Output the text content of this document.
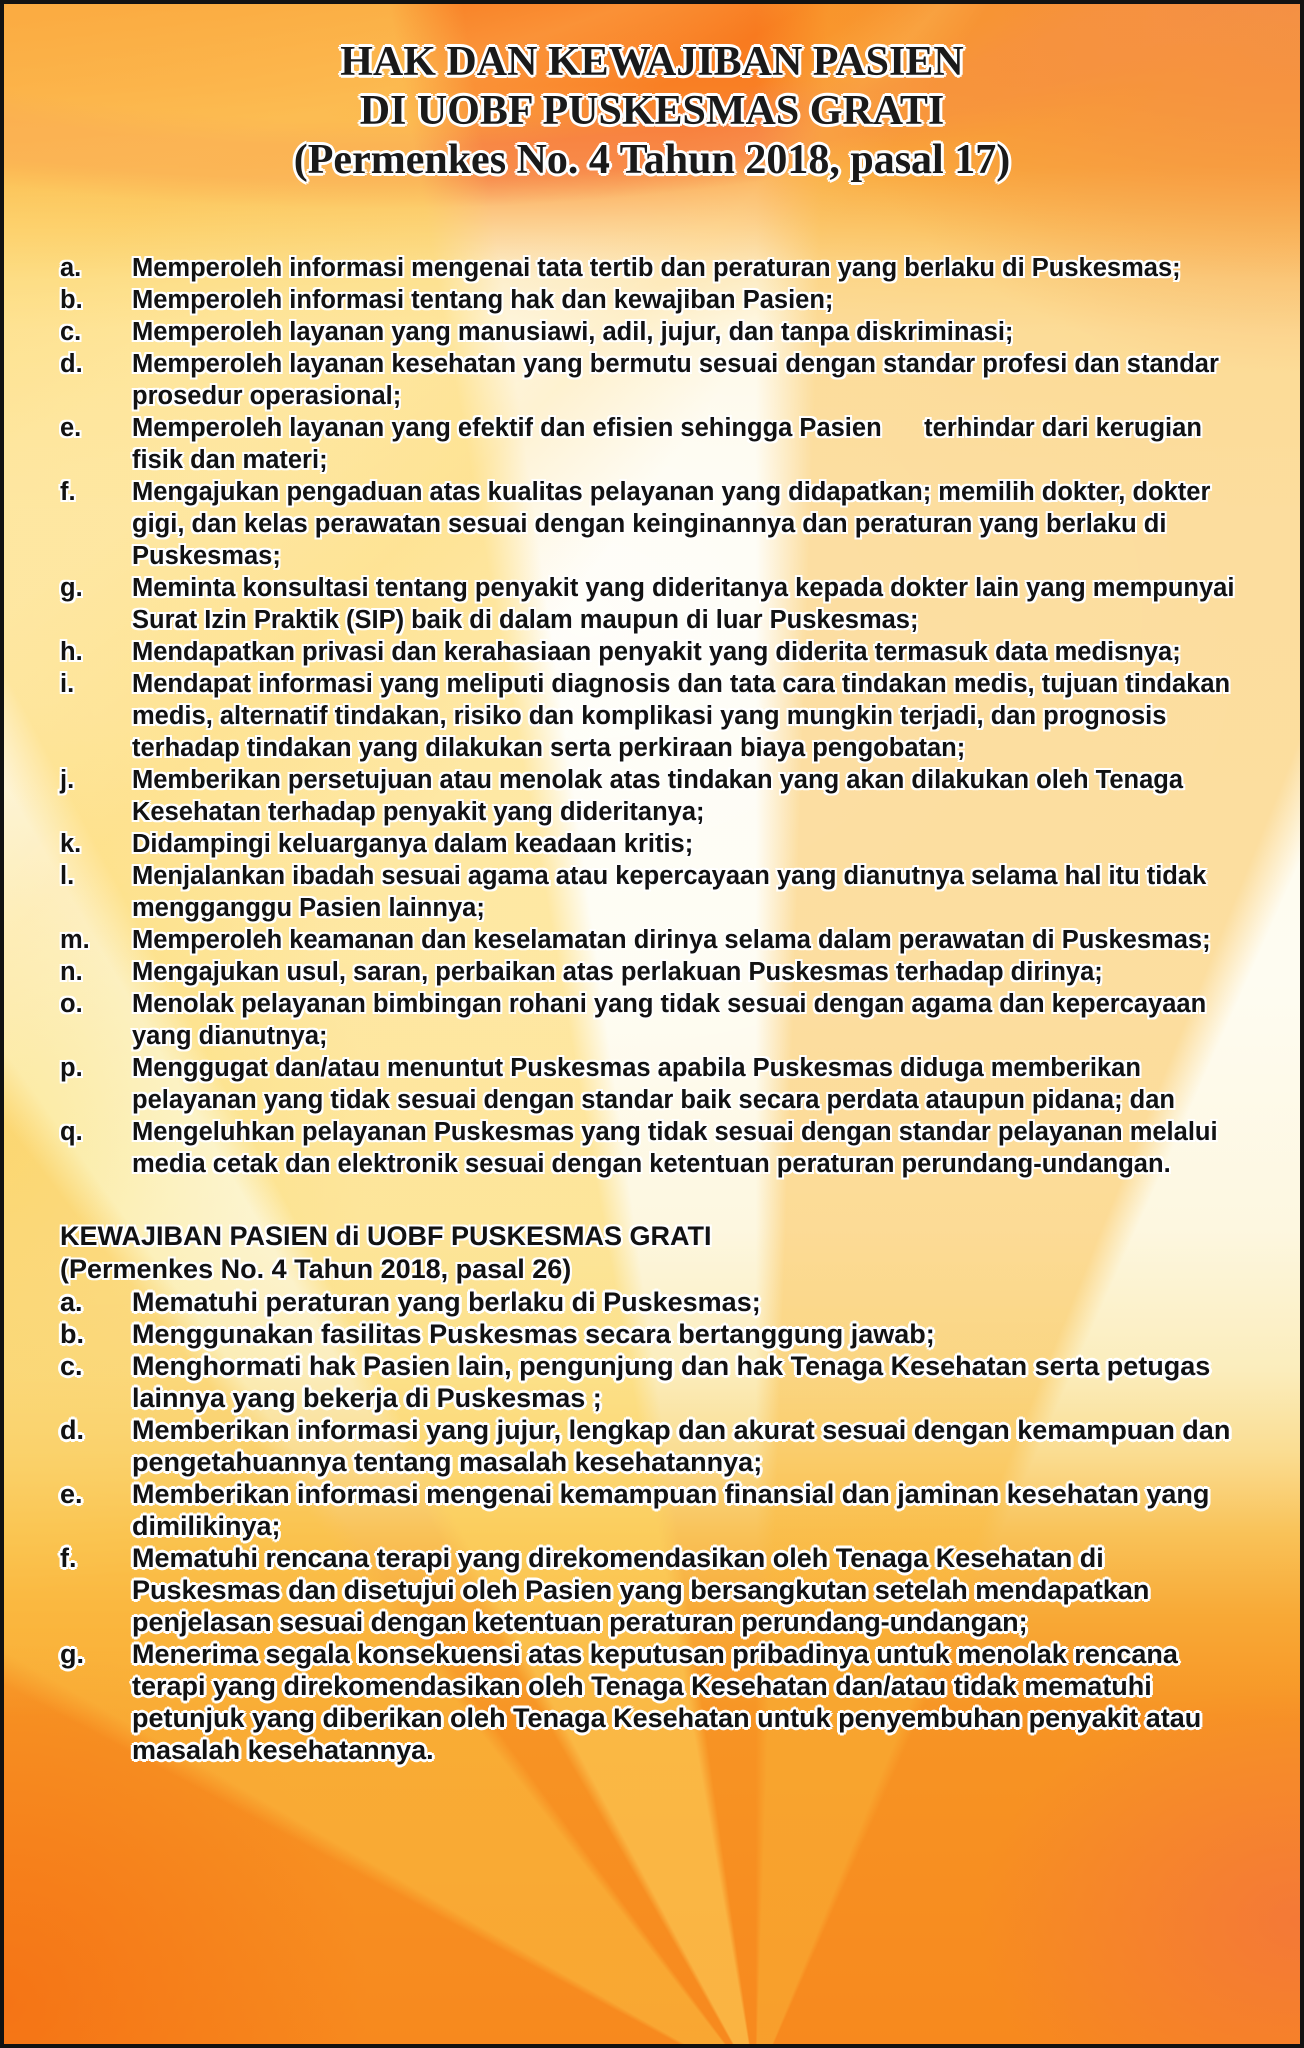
HAK DAN KEWAJIBAN PASIEN
DI UOBF PUSKESMAS GRATI
(Permenkes No. 4 Tahun 2018, pasal 17)
a.	Memperoleh informasi mengenai tata tertib dan peraturan yang berlaku di Puskesmas;
b.	Memperoleh informasi tentang hak dan kewajiban Pasien;
c.	Memperoleh layanan yang manusiawi, adil, jujur, dan tanpa diskriminasi;
d.	Memperoleh layanan kesehatan yang bermutu sesuai dengan standar profesi dan standar prosedur operasional;
e.	Memperoleh layanan yang efektif dan efisien sehingga Pasien      terhindar dari kerugian fisik dan materi;
f.	Mengajukan pengaduan atas kualitas pelayanan yang didapatkan; memilih dokter, dokter gigi, dan kelas perawatan sesuai dengan keinginannya dan peraturan yang berlaku di Puskesmas;
g.	Meminta konsultasi tentang penyakit yang dideritanya kepada dokter lain yang mempunyai Surat Izin Praktik (SIP) baik di dalam maupun di luar Puskesmas;
h.	Mendapatkan privasi dan kerahasiaan penyakit yang diderita termasuk data medisnya;
i.	Mendapat informasi yang meliputi diagnosis dan tata cara tindakan medis, tujuan tindakan medis, alternatif tindakan, risiko dan komplikasi yang mungkin terjadi, dan prognosis terhadap tindakan yang dilakukan serta perkiraan biaya pengobatan;
j.	Memberikan persetujuan atau menolak atas tindakan yang akan dilakukan oleh Tenaga Kesehatan terhadap penyakit yang dideritanya;
k.	Didampingi keluarganya dalam keadaan kritis;
l.	Menjalankan ibadah sesuai agama atau kepercayaan yang dianutnya selama hal itu tidak mengganggu Pasien lainnya;
m.	Memperoleh keamanan dan keselamatan dirinya selama dalam perawatan di Puskesmas;
n.	Mengajukan usul, saran, perbaikan atas perlakuan Puskesmas terhadap dirinya;
o.	Menolak pelayanan bimbingan rohani yang tidak sesuai dengan agama dan kepercayaan yang dianutnya;
p.	Menggugat dan/atau menuntut Puskesmas apabila Puskesmas diduga memberikan pelayanan yang tidak sesuai dengan standar baik secara perdata ataupun pidana; dan
q.	Mengeluhkan pelayanan Puskesmas yang tidak sesuai dengan standar pelayanan melalui media cetak dan elektronik sesuai dengan ketentuan peraturan perundang-undangan.
KEWAJIBAN PASIEN di UOBF PUSKESMAS GRATI
(Permenkes No. 4 Tahun 2018, pasal 26)
a.	Mematuhi peraturan yang berlaku di Puskesmas;
b.	Menggunakan fasilitas Puskesmas secara bertanggung jawab;
c.	Menghormati hak Pasien lain, pengunjung dan hak Tenaga Kesehatan serta petugas lainnya yang bekerja di Puskesmas ;
d.	Memberikan informasi yang jujur, lengkap dan akurat sesuai dengan kemampuan dan pengetahuannya tentang masalah kesehatannya;
e.	Memberikan informasi mengenai kemampuan finansial dan jaminan kesehatan yang dimilikinya;
f.	Mematuhi rencana terapi yang direkomendasikan oleh Tenaga Kesehatan di Puskesmas dan disetujui oleh Pasien yang bersangkutan setelah mendapatkan penjelasan sesuai dengan ketentuan peraturan perundang-undangan;
g.	Menerima segala konsekuensi atas keputusan pribadinya untuk menolak rencana terapi yang direkomendasikan oleh Tenaga Kesehatan dan/atau tidak mematuhi petunjuk yang diberikan oleh Tenaga Kesehatan untuk penyembuhan penyakit atau masalah kesehatannya.
